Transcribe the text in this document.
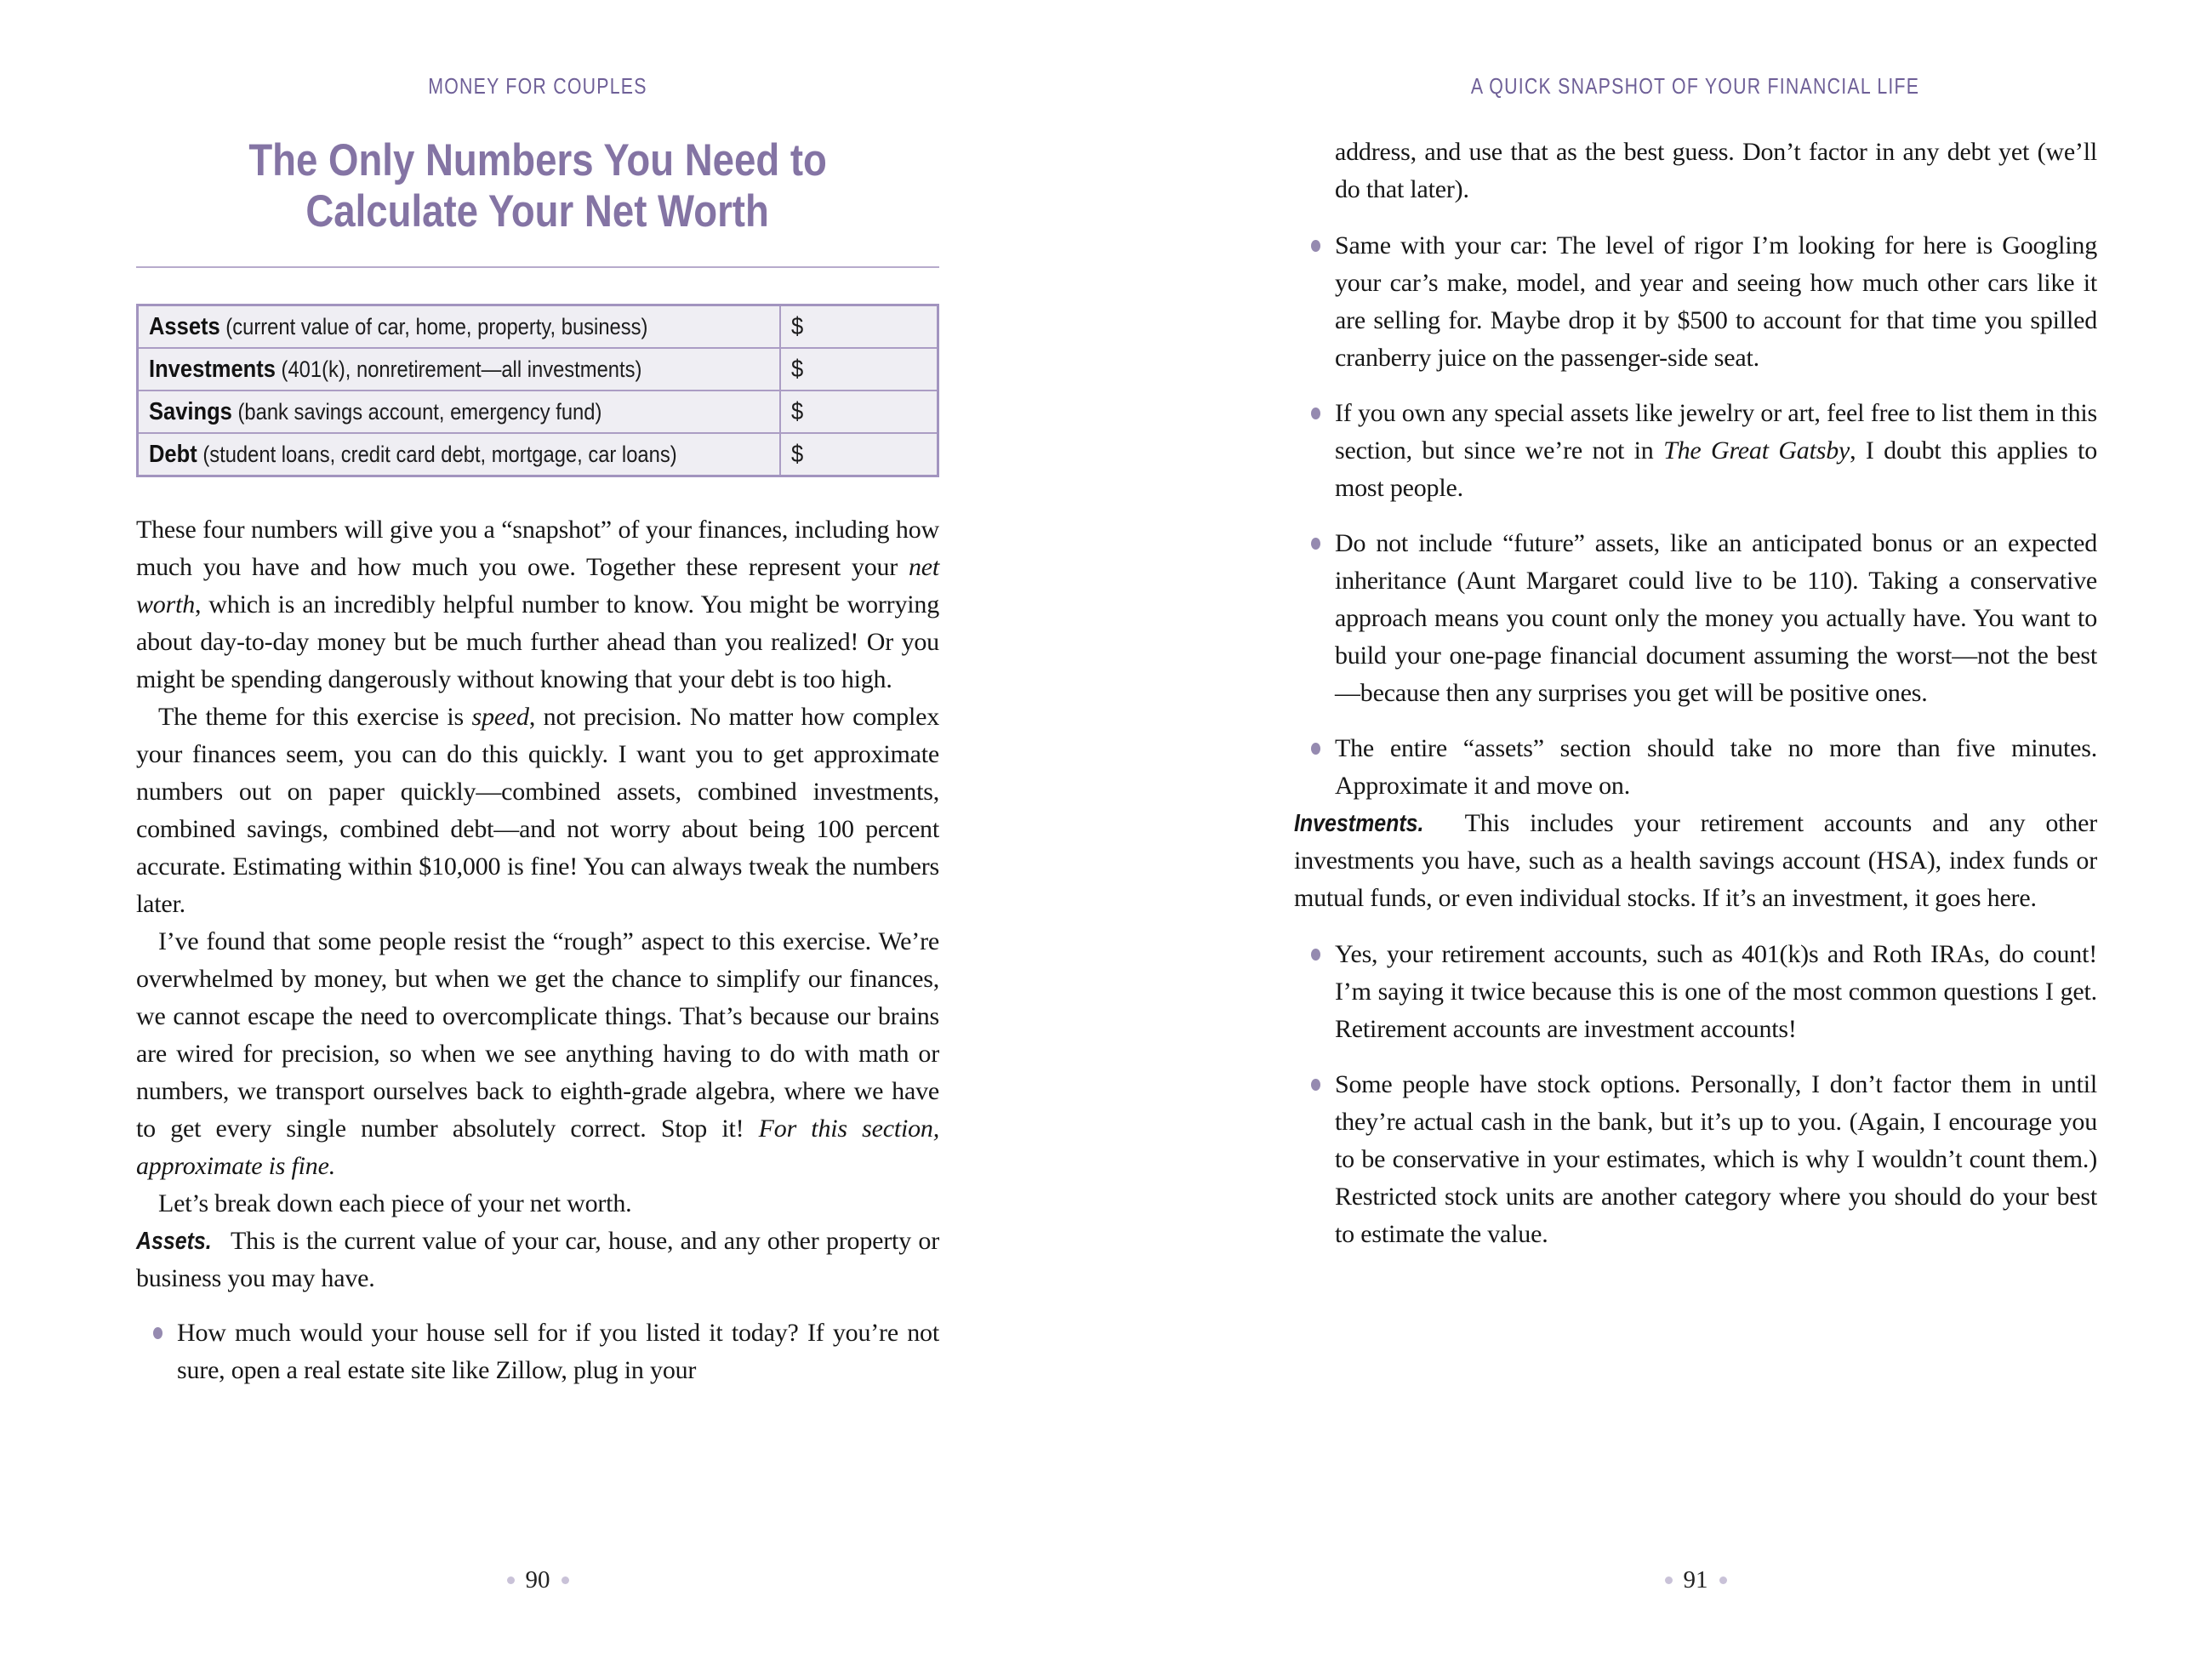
MONEY FOR COUPLES
The Only Numbers You Need to
Calculate Your Net Worth
Assets (current value of car, home, property, business)	$
Investments (401(k), nonretirement—all investments)	$
Savings (bank savings account, emergency fund)	$
Debt (student loans, credit card debt, mortgage, car loans)	$

These four numbers will give you a “snapshot” of your finances, including how much you have and how much you owe. Together these represent your net worth, which is an incredibly helpful number to know. You might be worrying about day-to-day money but be much further ahead than you realized! Or you might be spending dangerously without knowing that your debt is too high.

The theme for this exercise is speed, not precision. No matter how complex your finances seem, you can do this quickly. I want you to get approximate numbers out on paper quickly—combined assets, combined investments, combined savings, combined debt—and not worry about being 100 percent accurate. Estimating within $10,000 is fine! You can always tweak the numbers later.

I’ve found that some people resist the “rough” aspect to this exercise. We’re overwhelmed by money, but when we get the chance to simplify our finances, we cannot escape the need to overcomplicate things. That’s because our brains are wired for precision, so when we see anything having to do with math or numbers, we transport ourselves back to eighth-grade algebra, where we have to get every single number absolutely correct. Stop it! For this section, approximate is fine.

Let’s break down each piece of your net worth.

Assets. This is the current value of your car, house, and any other property or business you may have.

How much would your house sell for if you listed it today? If you’re not sure, open a real estate site like Zillow, plug in your
90
A QUICK SNAPSHOT OF YOUR FINANCIAL LIFE
address, and use that as the best guess. Don’t factor in any debt yet (we’ll do that later).
Same with your car: The level of rigor I’m looking for here is Googling your car’s make, model, and year and seeing how much other cars like it are selling for. Maybe drop it by $500 to account for that time you spilled cranberry juice on the passenger-side seat.
If you own any special assets like jewelry or art, feel free to list them in this section, but since we’re not in The Great Gatsby, I doubt this applies to most people.
Do not include “future” assets, like an anticipated bonus or an expected inheritance (Aunt Margaret could live to be 110). Taking a conservative approach means you count only the money you actually have. You want to build your one-page financial document assuming the worst—not the best—because then any surprises you get will be positive ones.
The entire “assets” section should take no more than five minutes. Approximate it and move on.

Investments. This includes your retirement accounts and any other investments you have, such as a health savings account (HSA), index funds or mutual funds, or even individual stocks. If it’s an investment, it goes here.

Yes, your retirement accounts, such as 401(k)s and Roth IRAs, do count! I’m saying it twice because this is one of the most common questions I get. Retirement accounts are investment accounts!
Some people have stock options. Personally, I don’t factor them in until they’re actual cash in the bank, but it’s up to you. (Again, I encourage you to be conservative in your estimates, which is why I wouldn’t count them.) Restricted stock units are another category where you should do your best to estimate the value.
91
